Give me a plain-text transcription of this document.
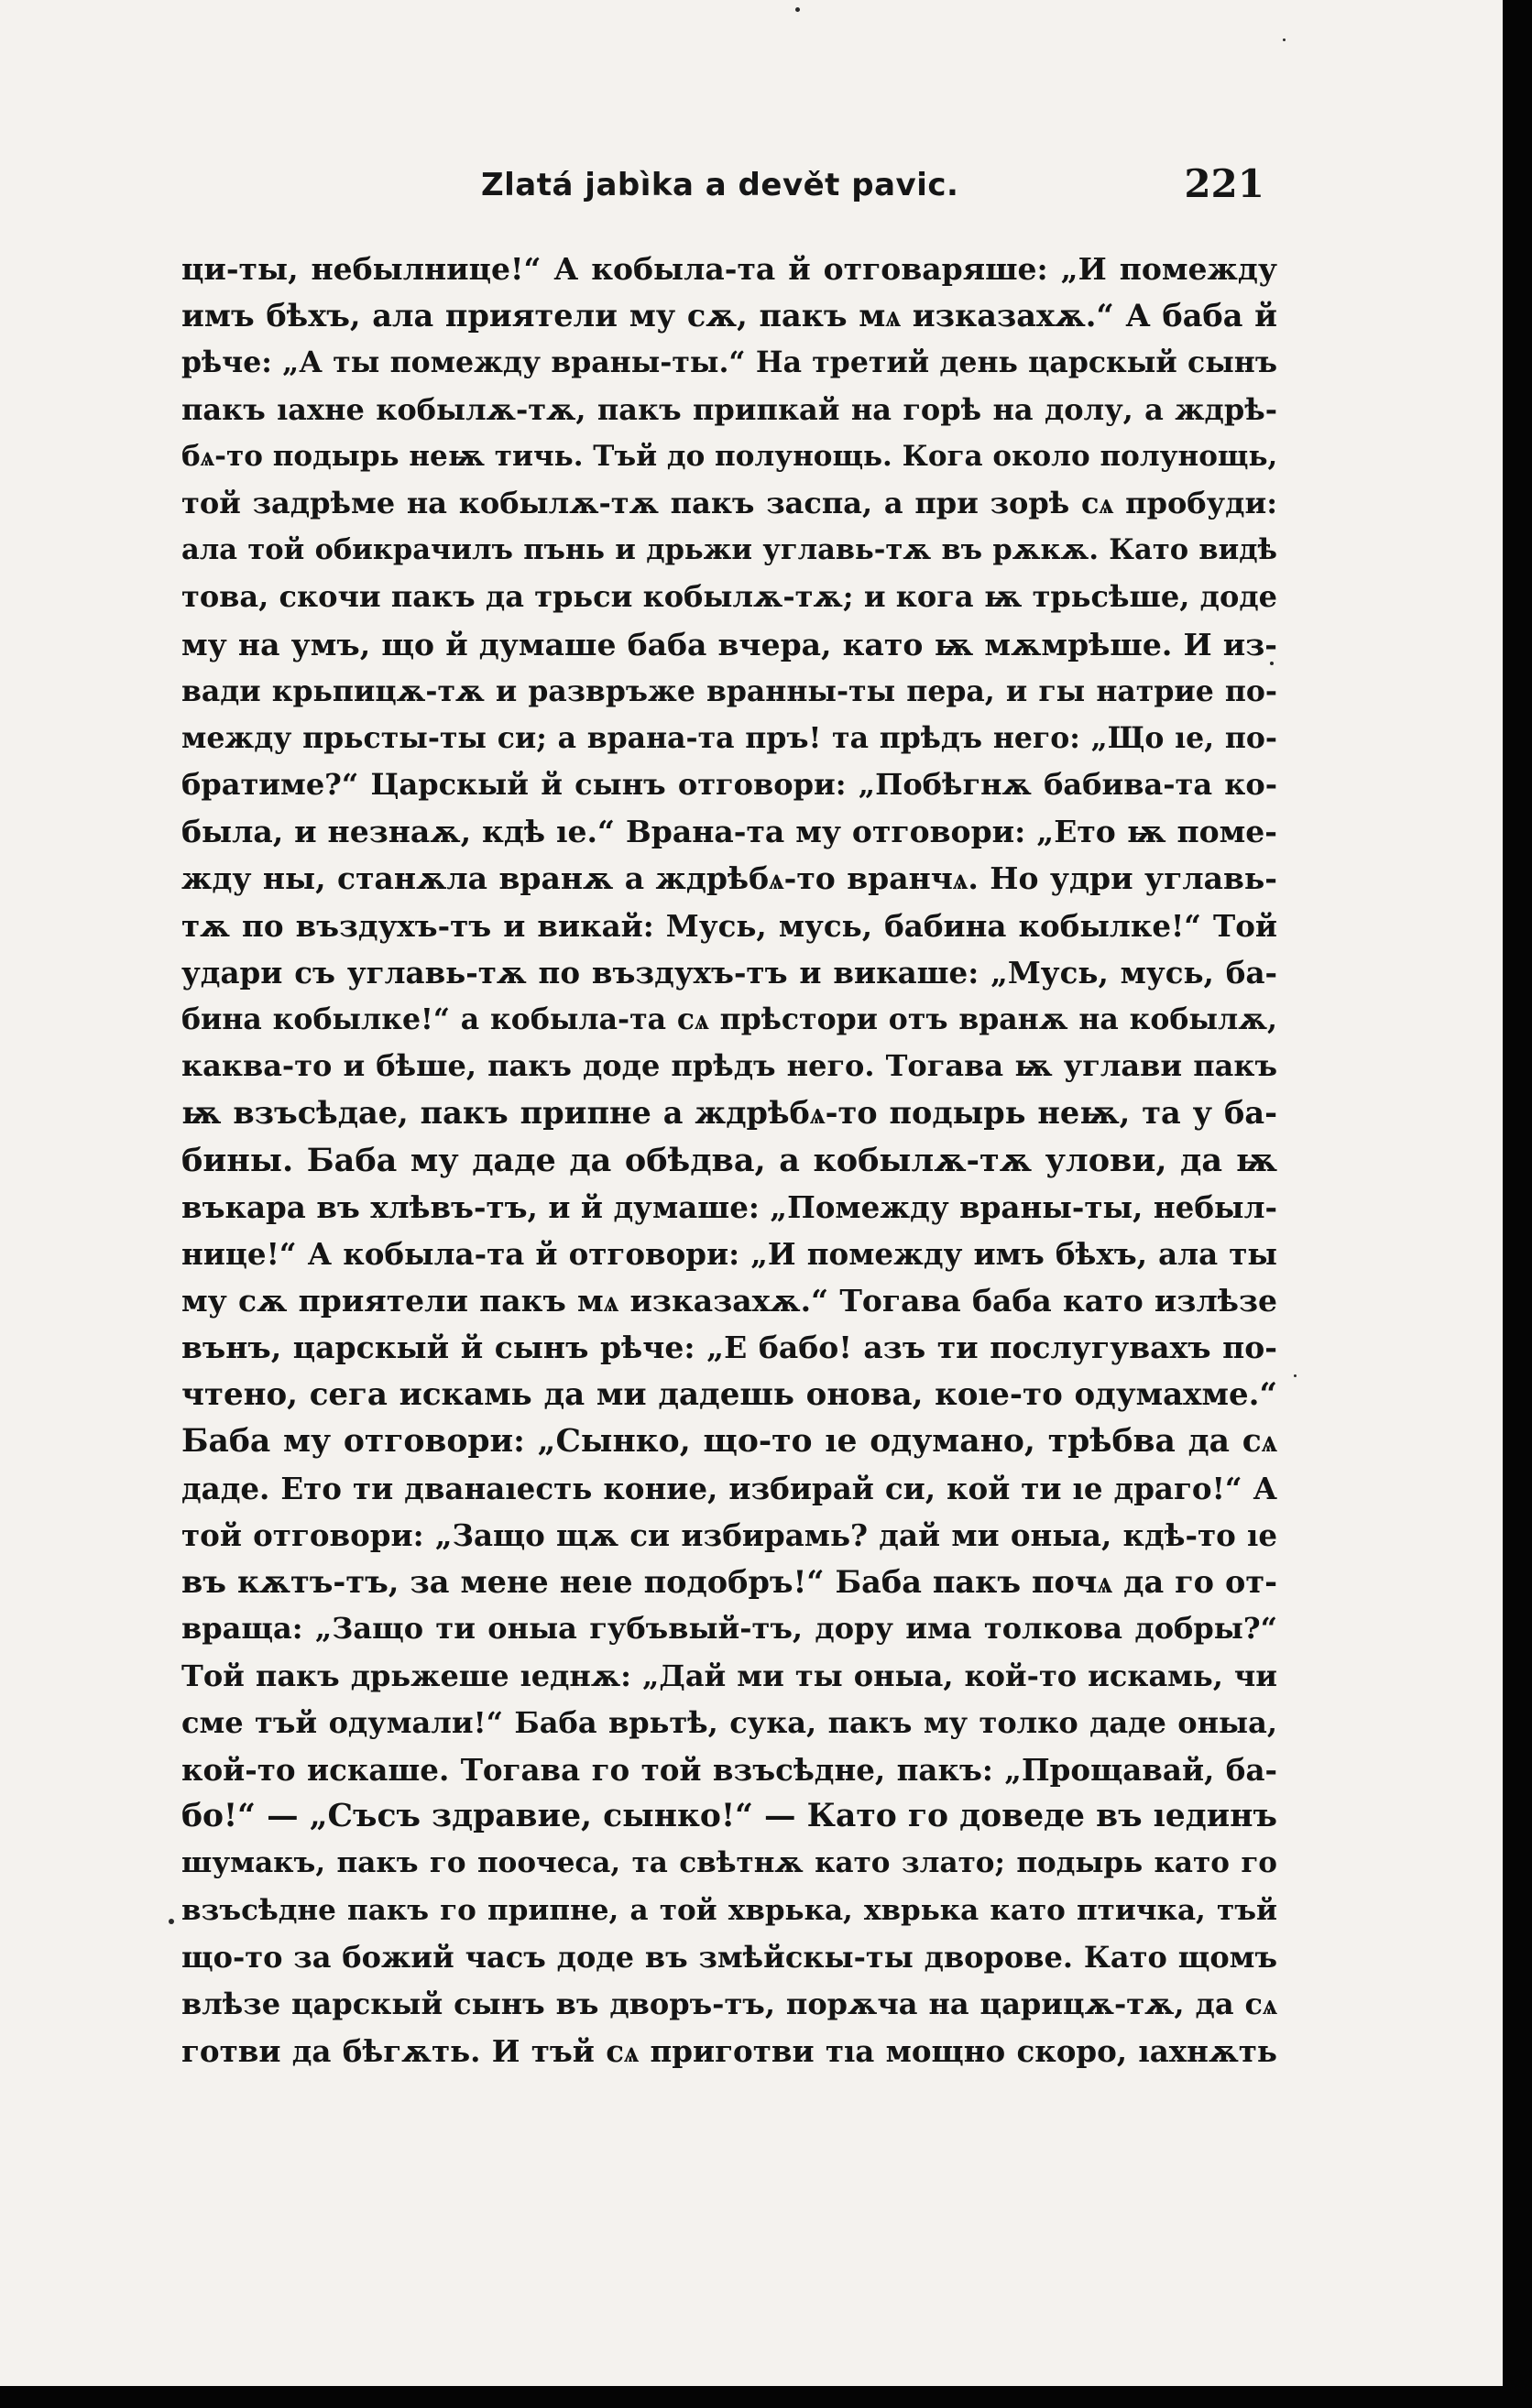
Zlatá jabìka a devět pavic.	221
ци-ты, небылнице!“ А кобыла-та й отговаряше: „И помежду
имъ бѣхъ, ала приятели му сѫ, пакъ мѧ изказахѫ.“ А баба й
рѣче: „А ты помежду враны-ты.“ На третий день царскый сынъ
пакъ ıахне кобылѫ-тѫ, пакъ припкай на горѣ на долу, а ждрѣ-
бѧ-то подырь неѭ тичь. Тъй до полунощь. Кога около полунощь,
той задрѣме на кобылѫ-тѫ пакъ заспа, а при зорѣ сѧ пробуди:
ала той обикрачилъ пънь и дрьжи углавь-тѫ въ рѫкѫ. Като видѣ
това, скочи пакъ да трьси кобылѫ-тѫ; и кога ѭ трьсѣше, доде
му на умъ, що й думаше баба вчера, като ѭ мѫмрѣше. И из-
вади крьпицѫ-тѫ и развръже вранны-ты пера, и гы натрие по-
между прьсты-ты си; а врана-та пръ! та прѣдъ него: „Що ıе, по-
братиме?“ Царскый й сынъ отговори: „Побѣгнѫ бабива-та ко-
была, и незнаѫ, кдѣ ıе.“ Врана-та му отговори: „Ето ѭ поме-
жду ны, станѫла вранѫ а ждрѣбѧ-то вранчѧ. Но удри углавь-
тѫ по въздухъ-тъ и викай: Мусь, мусь, бабина кобылке!“ Той
удари съ углавь-тѫ по въздухъ-тъ и викаше: „Мусь, мусь, ба-
бина кобылке!“ а кобыла-та сѧ прѣстори отъ вранѫ на кобылѫ,
каква-то и бѣше, пакъ доде прѣдъ него. Тогава ѭ углави пакъ
ѭ взъсѣдае, пакъ припне а ждрѣбѧ-то подырь неѭ, та у ба-
бины. Баба му даде да обѣдва, а кобылѫ-тѫ улови, да ѭ
въкара въ хлѣвъ-тъ, и й думаше: „Помежду враны-ты, небыл-
нице!“ А кобыла-та й отговори: „И помежду имъ бѣхъ, ала ты
му сѫ приятели пакъ мѧ изказахѫ.“ Тогава баба като излѣзе
вънъ, царскый й сынъ рѣче: „Е бабо! азъ ти послугувахъ по-
чтено, сега искамь да ми дадешь онова, коıе-то одумахме.“
Баба му отговори: „Сынко, що-то ıе одумано, трѣбва да сѧ
даде. Ето ти дванаıесть коние, избирай си, кой ти ıе драго!“ А
той отговори: „Защо щѫ си избирамь? дай ми оныа, кдѣ-то ıе
въ кѫтъ-тъ, за мене неıе подобръ!“ Баба пакъ почѧ да го от-
враща: „Защо ти оныа губъвый-тъ, дору има толкова добры?“
Той пакъ дрьжеше ıеднѫ: „Дай ми ты оныа, кой-то искамь, чи
сме тъй одумали!“ Баба врьтѣ, сука, пакъ му толко даде оныа,
кой-то искаше. Тогава го той взъсѣдне, пакъ: „Прощавай, ба-
бо!“ — „Съсъ здравие, сынко!“ — Като го доведе въ ıединъ
шумакъ, пакъ го поочеса, та свѣтнѫ като злато; подырь като го
взъсѣдне пакъ го припне, а той хврька, хврька като птичка, тъй
що-то за божий часъ доде въ змѣйскы-ты дворове. Като щомъ
влѣзе царскый сынъ въ дворъ-тъ, порѫча на царицѫ-тѫ, да сѧ
готви да бѣгѫть. И тъй сѧ приготви тıа мощно скоро, ıахнѫть
